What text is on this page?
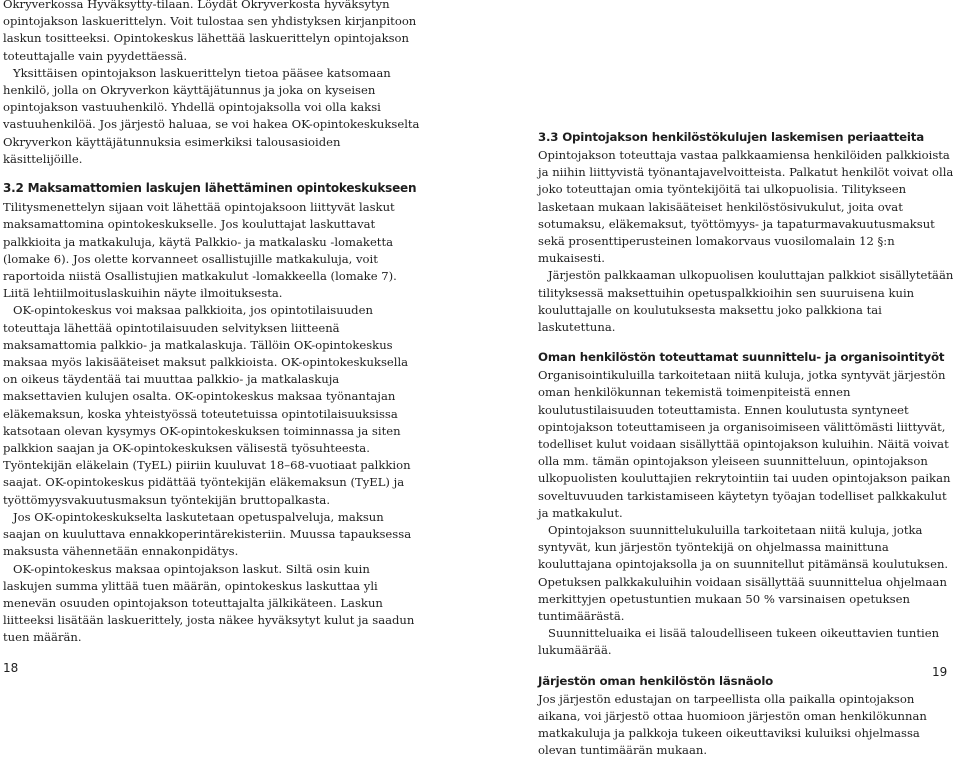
Okryverkossa Hyväksytty-tilaan. Löydät Okryverkosta hyväksytyn opintojakson laskuerittelyn. Voit tulostaa sen yhdistyksen kirjanpitoon laskun tositteeksi. Opintokeskus lähettää laskuerittelyn opintojakson toteuttajalle vain pyydettäessä.

Yksittäisen opintojakson laskuerittelyn tietoa pääsee katsomaan henkilö, jolla on Okryverkon käyttäjätunnus ja joka on kyseisen opintojakson vastuuhenkilö. Yhdellä opintojaksolla voi olla kaksi vastuuhenkilöä. Jos järjestö haluaa, se voi hakea OK-opintokeskukselta Okryverkon käyttäjätunnuksia esimerkiksi talousasioiden käsittelijöille.

3.2 Maksamattomien laskujen lähettäminen opintokeskukseen

Tilitysmenettelyn sijaan voit lähettää opintojaksoon liittyvät laskut maksamattomina opintokeskukselle. Jos kouluttajat laskuttavat palkkioita ja matkakuluja, käytä Palkkio- ja matkalasku -lomaketta (lomake 6). Jos olette korvanneet osallistujille matkakuluja, voit raportoida niistä Osallistujien matkakulut -lomakkeella (lomake 7). Liitä lehtiilmoituslaskuihin näyte ilmoituksesta.

OK-opintokeskus voi maksaa palkkioita, jos opintotilaisuuden toteuttaja lähettää opintotilaisuuden selvityksen liitteenä maksamattomia palkkio- ja matkalaskuja. Tällöin OK-opintokeskus maksaa myös lakisääteiset maksut palkkioista. OK-opintokeskuksella on oikeus täydentää tai muuttaa palkkio- ja matkalaskuja maksettavien kulujen osalta. OK-opintokeskus maksaa työnantajan eläkemaksun, koska yhteistyössä toteutetuissa opintotilaisuuksissa katsotaan olevan kysymys OK-opintokeskuksen toiminnassa ja siten palkkion saajan ja OK-opintokeskuksen välisestä työsuhteesta. Työntekijän eläkelain (TyEL) piiriin kuuluvat 18–68-vuotiaat palkkion saajat. OK-opintokeskus pidättää työntekijän eläkemaksun (TyEL) ja työttömyysvakuutusmaksun työntekijän bruttopalkasta.

Jos OK-opintokeskukselta laskutetaan opetuspalveluja, maksun saajan on kuuluttava ennakkoperintärekisteriin. Muussa tapauksessa maksusta vähennetään ennakonpidätys.

OK-opintokeskus maksaa opintojakson laskut. Siltä osin kuin laskujen summa ylittää tuen määrän, opintokeskus laskuttaa yli menevän osuuden opintojakson toteuttajalta jälkikäteen. Laskun liitteeksi lisätään laskuerittely, josta näkee hyväksytyt kulut ja saadun tuen määrän.

18
3.3 Opintojakson henkilöstökulujen laskemisen periaatteita

Opintojakson toteuttaja vastaa palkkaamiensa henkilöiden palkkioista ja niihin liittyvistä työnantajavelvoitteista. Palkatut henkilöt voivat olla joko toteuttajan omia työntekijöitä tai ulkopuolisia. Tilitykseen lasketaan mukaan lakisääteiset henkilöstösivukulut, joita ovat sotumaksu, eläkemaksut, työttömyys- ja tapaturmavakuutusmaksut sekä prosenttiperusteinen lomakorvaus vuosilomalain 12 §:n mukaisesti.

Järjestön palkkaaman ulkopuolisen kouluttajan palkkiot sisällytetään tilityksessä maksettuihin opetuspalkkioihin sen suuruisena kuin kouluttajalle on koulutuksesta maksettu joko palkkiona tai laskutettuna.

Oman henkilöstön toteuttamat suunnittelu- ja organisointityöt

Organisointikuluilla tarkoitetaan niitä kuluja, jotka syntyvät järjestön oman henkilökunnan tekemistä toimenpiteistä ennen koulutustilaisuuden toteuttamista. Ennen koulutusta syntyneet opintojakson toteuttamiseen ja organisoimiseen välittömästi liittyvät, todelliset kulut voidaan sisällyttää opintojakson kuluihin. Näitä voivat olla mm. tämän opintojakson yleiseen suunnitteluun, opintojakson ulkopuolisten kouluttajien rekrytointiin tai uuden opintojakson paikan soveltuvuuden tarkistamiseen käytetyn työajan todelliset palkkakulut ja matkakulut.

Opintojakson suunnittelukuluilla tarkoitetaan niitä kuluja, jotka syntyvät, kun järjestön työntekijä on ohjelmassa mainittuna kouluttajana opintojaksolla ja on suunnitellut pitämänsä koulutuksen. Opetuksen palkkakuluihin voidaan sisällyttää suunnittelua ohjelmaan merkittyjen opetustuntien mukaan 50 % varsinaisen opetuksen tuntimäärästä.

Suunnitteluaika ei lisää taloudelliseen tukeen oikeuttavien tuntien lukumäärää.

Järjestön oman henkilöstön läsnäolo

Jos järjestön edustajan on tarpeellista olla paikalla opintojakson aikana, voi järjestö ottaa huomioon järjestön oman henkilökunnan matkakuluja ja palkkoja tukeen oikeuttaviksi kuluiksi ohjelmassa olevan tuntimäärän mukaan.

19
